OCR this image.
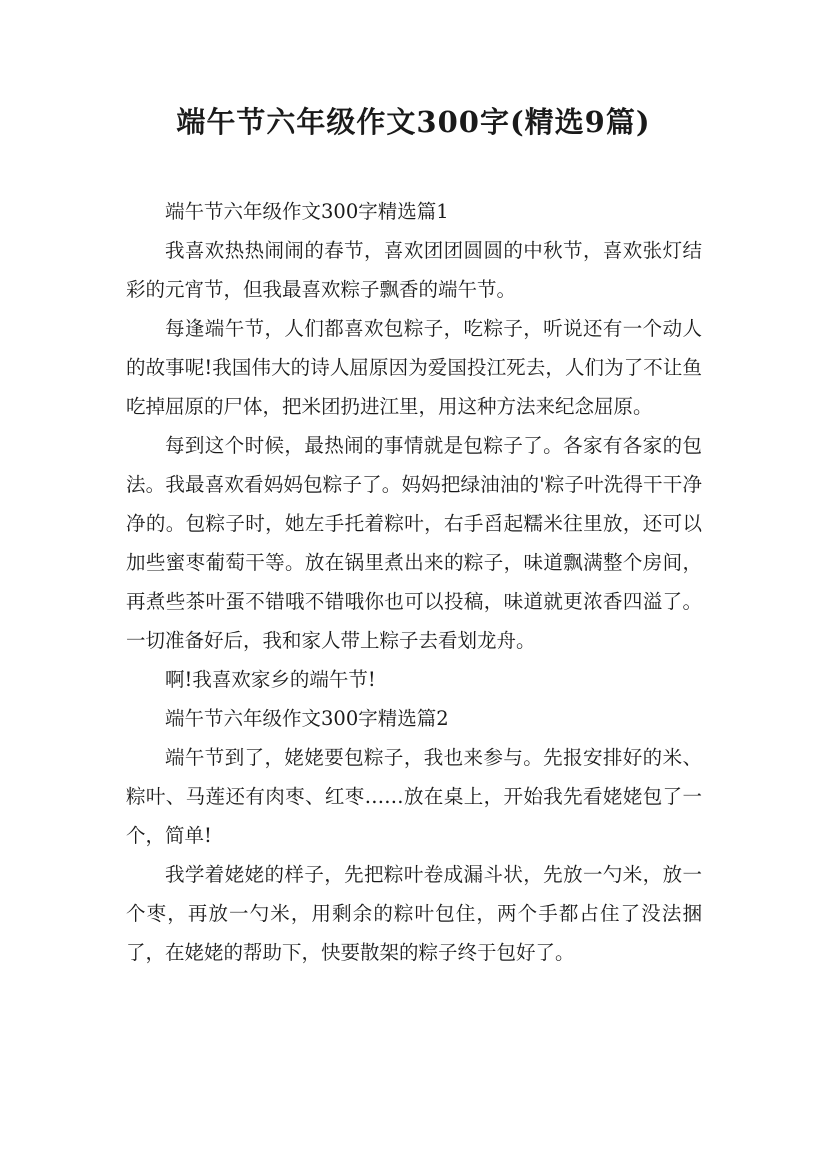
端午节六年级作文300字(精选9篇)

端午节六年级作文300字精选篇1

我喜欢热热闹闹的春节，喜欢团团圆圆的中秋节，喜欢张灯结彩的元宵节，但我最喜欢粽子飘香的端午节。

每逢端午节，人们都喜欢包粽子，吃粽子，听说还有一个动人的故事呢!我国伟大的诗人屈原因为爱国投江死去，人们为了不让鱼吃掉屈原的尸体，把米团扔进江里，用这种方法来纪念屈原。

每到这个时候，最热闹的事情就是包粽子了。各家有各家的包法。我最喜欢看妈妈包粽子了。妈妈把绿油油的'粽子叶洗得干干净净的。包粽子时，她左手托着粽叶，右手舀起糯米往里放，还可以加些蜜枣葡萄干等。放在锅里煮出来的粽子，味道飘满整个房间，再煮些茶叶蛋不错哦不错哦你也可以投稿，味道就更浓香四溢了。一切准备好后，我和家人带上粽子去看划龙舟。

啊!我喜欢家乡的端午节!

端午节六年级作文300字精选篇2

端午节到了，姥姥要包粽子，我也来参与。先报安排好的米、粽叶、马莲还有肉枣、红枣……放在桌上，开始我先看姥姥包了一个，简单!

我学着姥姥的样子，先把粽叶卷成漏斗状，先放一勺米，放一个枣，再放一勺米，用剩余的粽叶包住，两个手都占住了没法捆了，在姥姥的帮助下，快要散架的粽子终于包好了。
